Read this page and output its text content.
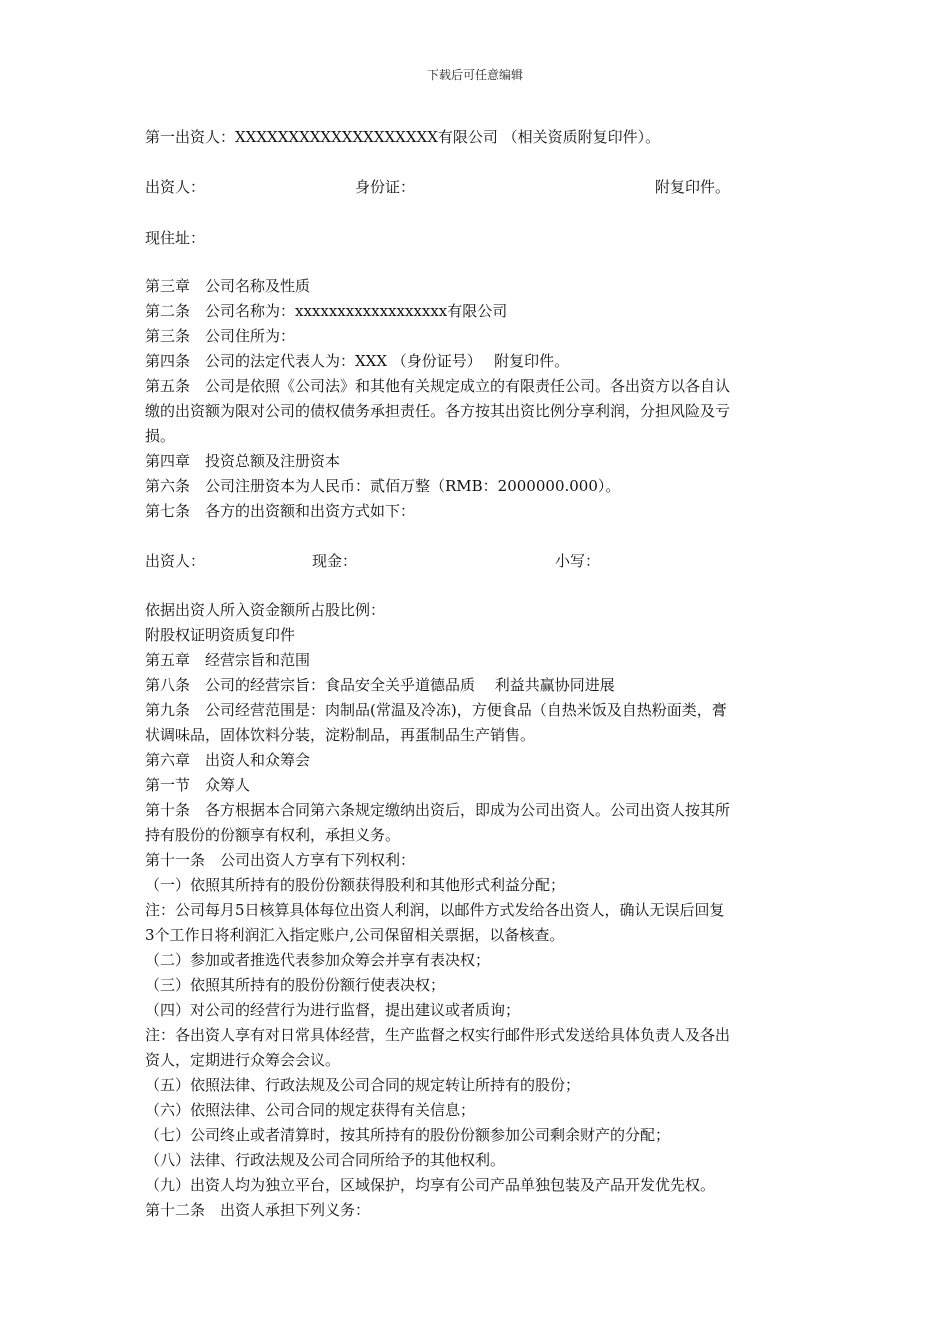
下载后可任意编辑
第一出资人：XXXXXXXXXXXXXXXXXXX有限公司 （相关资质附复印件）。
出资人：	身份证：	附复印件。
现住址：
第三章　公司名称及性质
第二条　公司名称为：xxxxxxxxxxxxxxxxxx有限公司
第三条　公司住所为：
第四条　公司的法定代表人为：XXX （身份证号）　 附复印件。
第五条　公司是依照《公司法》和其他有关规定成立的有限责任公司。各出资方以各自认
缴的出资额为限对公司的债权债务承担责任。各方按其出资比例分享利润，分担风险及亏
损。
第四章　投资总额及注册资本
第六条　公司注册资本为人民币：贰佰万整（RMB：2000000.000）。
第七条　各方的出资额和出资方式如下：
出资人：	现金：	小写：
依据出资人所入资金额所占股比例：
附股权证明资质复印件
第五章　经营宗旨和范围
第八条　公司的经营宗旨：食品安全关乎道德品质　 利益共赢协同进展
第九条　公司经营范围是：肉制品(常温及冷冻)，方便食品（自热米饭及自热粉面类，膏
状调味品，固体饮料分装，淀粉制品，再蛋制品生产销售。
第六章　出资人和众筹会
第一节　众筹人
第十条　各方根据本合同第六条规定缴纳出资后，即成为公司出资人。公司出资人按其所
持有股份的份额享有权利，承担义务。
第十一条　公司出资人方享有下列权利：
（一）依照其所持有的股份份额获得股利和其他形式利益分配；
注：公司每月5日核算具体每位出资人利润，以邮件方式发给各出资人，确认无误后回复
3个工作日将利润汇入指定账户,公司保留相关票据，以备核查。
（二）参加或者推选代表参加众筹会并享有表决权；
（三）依照其所持有的股份份额行使表决权；
（四）对公司的经营行为进行监督，提出建议或者质询；
注：各出资人享有对日常具体经营，生产监督之权实行邮件形式发送给具体负责人及各出
资人，定期进行众筹会会议。
（五）依照法律、行政法规及公司合同的规定转让所持有的股份；
（六）依照法律、公司合同的规定获得有关信息；
（七）公司终止或者清算时，按其所持有的股份份额参加公司剩余财产的分配；
（八）法律、行政法规及公司合同所给予的其他权利。
（九）出资人均为独立平台，区域保护，均享有公司产品单独包装及产品开发优先权。
第十二条　出资人承担下列义务：
